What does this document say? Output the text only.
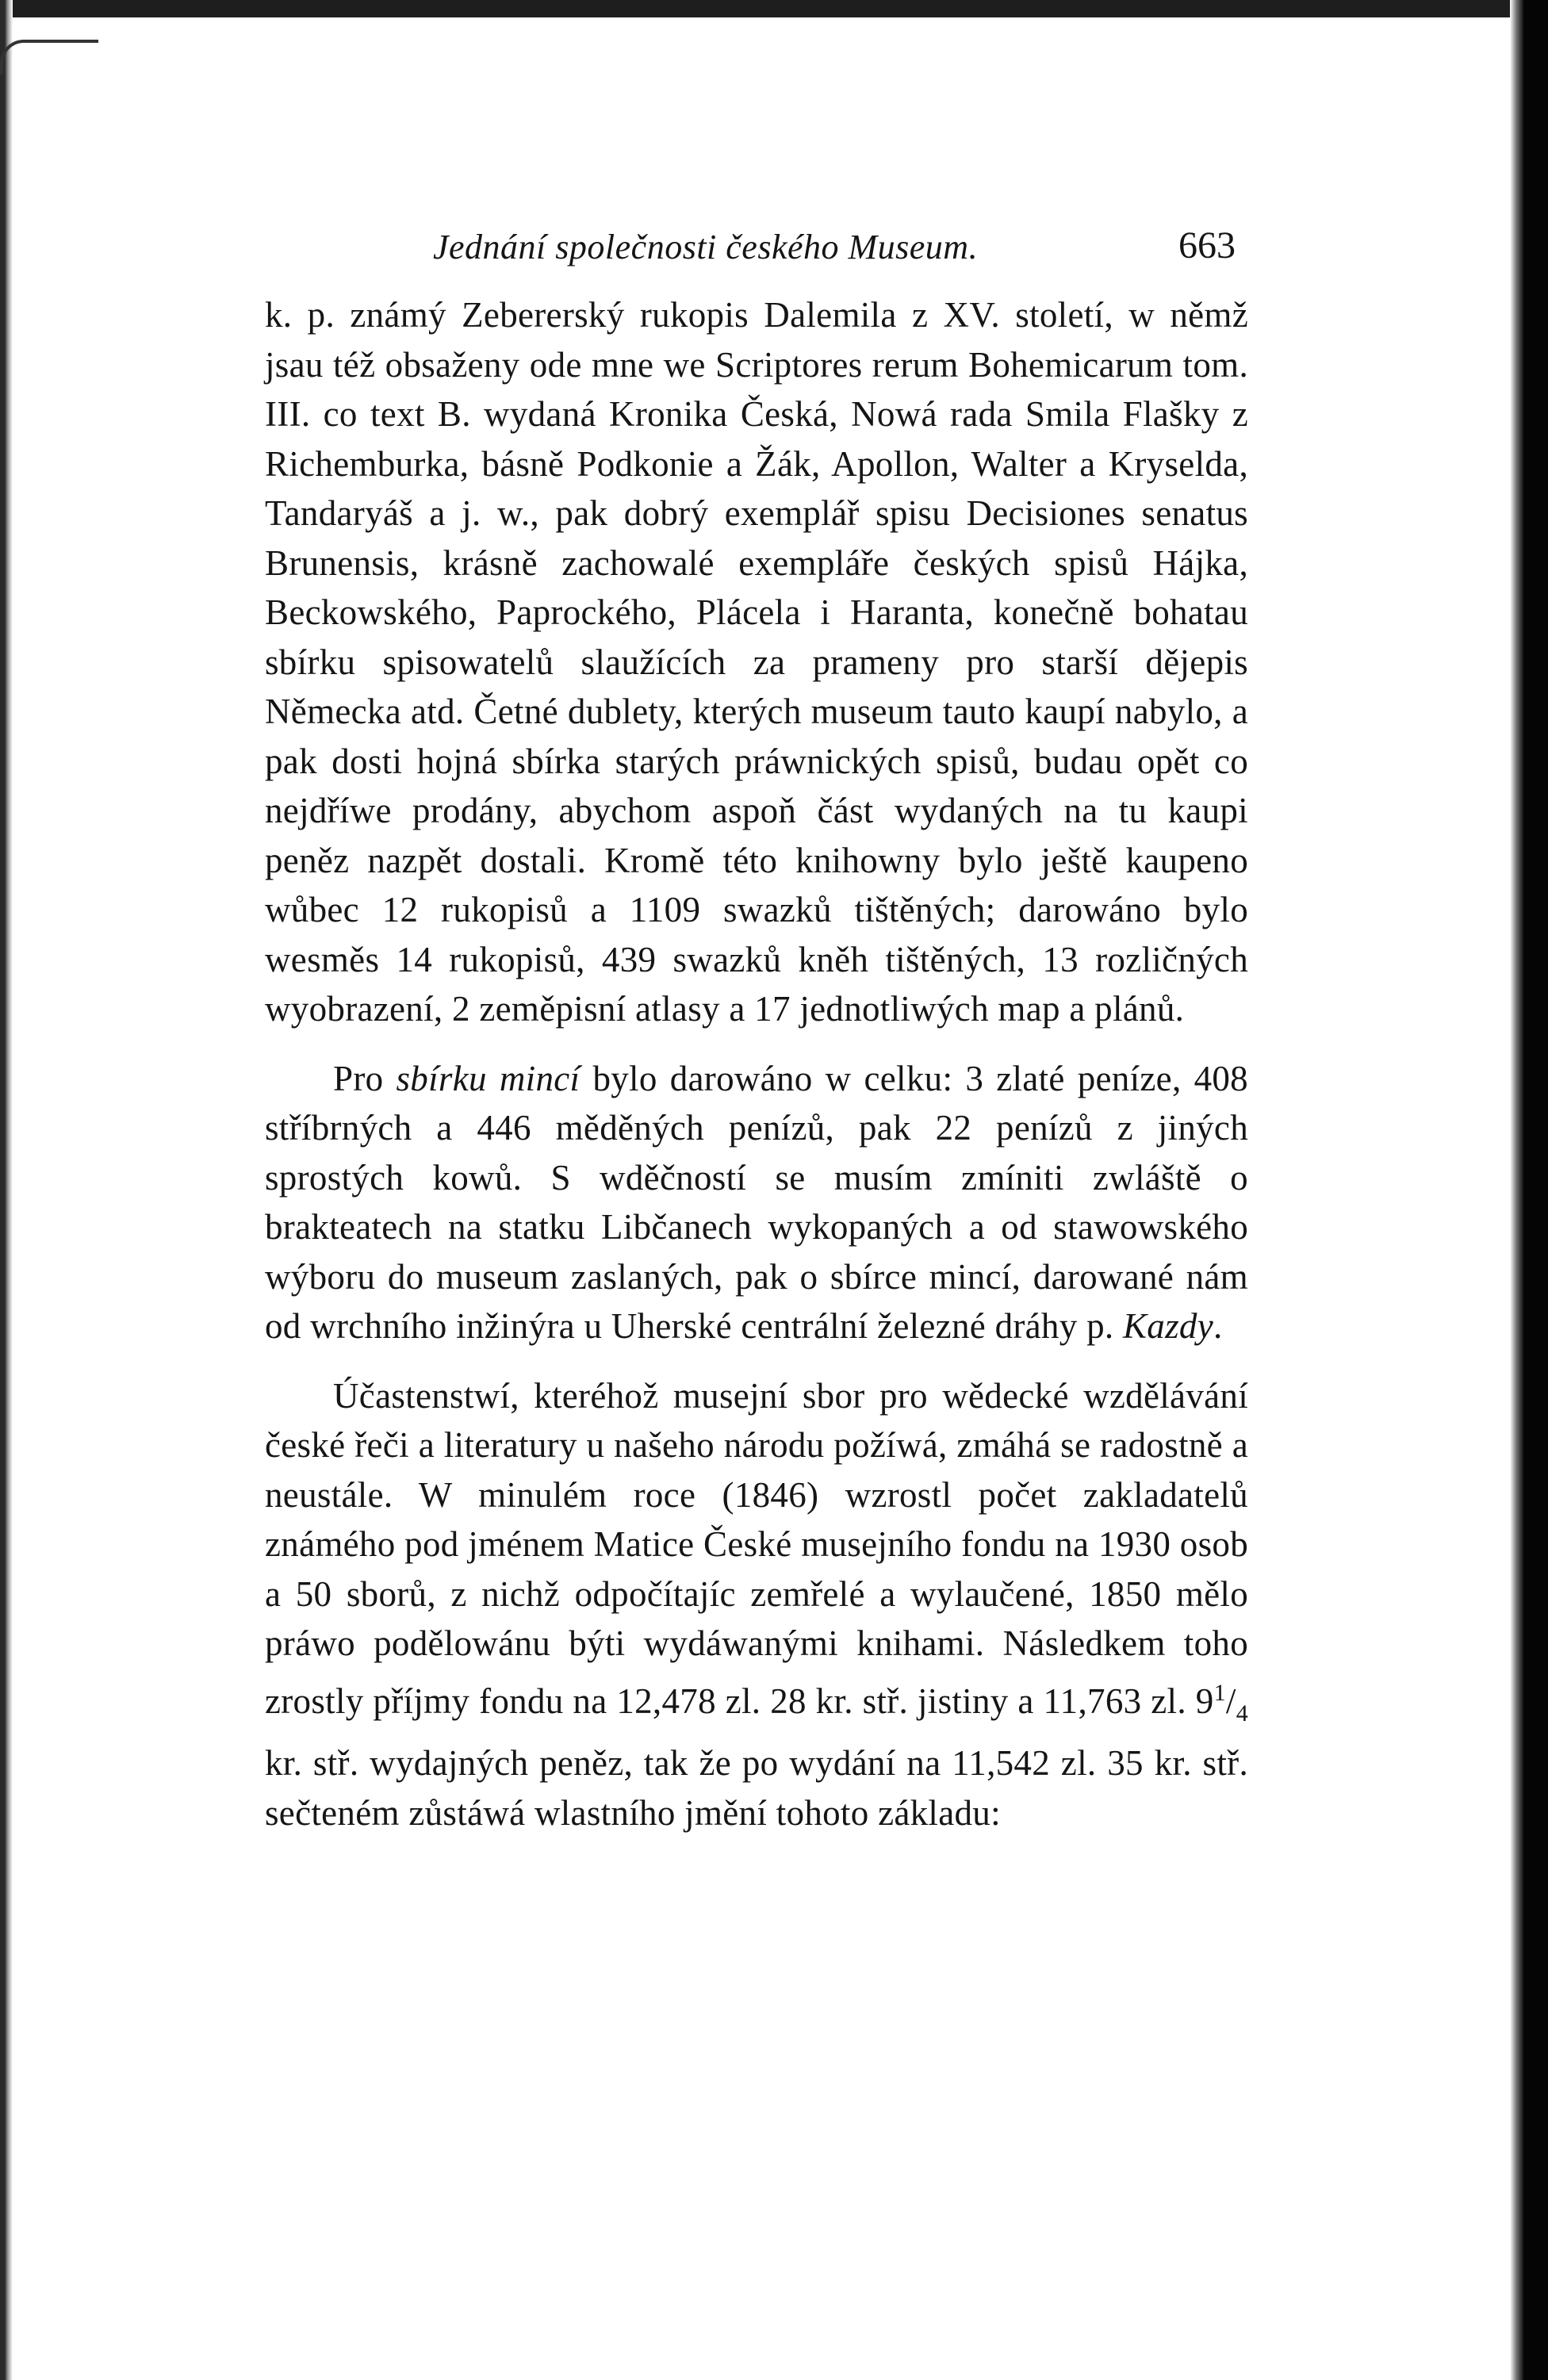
Jednání společnosti českého Museum.	663

k. p. známý Zebererský rukopis Dalemila z XV. století, w němž jsau též obsaženy ode mne we Scriptores rerum Bohemicarum tom. III. co text B. wydaná Kronika Česká, Nowá rada Smila Flašky z Richemburka, básně Podkonie a Žák, Apollon, Walter a Kryselda, Tandaryáš a j. w., pak dobrý exemplář spisu Decisiones senatus Brunensis, krásně zachowalé exempláře českých spisů Hájka, Beckowského, Paprockého, Plácela i Haranta, konečně bohatau sbírku spisowatelů slaužících za prameny pro starší dějepis Německa atd. Četné dublety, kterých museum tauto kaupí nabylo, a pak dosti hojná sbírka starých práwnických spisů, budau opět co nejdříwe prodány, abychom aspoň část wydaných na tu kaupi peněz nazpět dostali. Kromě této knihowny bylo ještě kaupeno wůbec 12 rukopisů a 1109 swazků tištěných; darowáno bylo wesměs 14 rukopisů, 439 swazků kněh tištěných, 13 rozličných wyobrazení, 2 zeměpisní atlasy a 17 jednotliwých map a plánů.

Pro sbírku mincí bylo darowáno w celku: 3 zlaté peníze, 408 stříbrných a 446 měděných penízů, pak 22 penízů z jiných sprostých kowů. S wděčností se musím zmíniti zwláště o brakteatech na statku Libčanech wykopaných a od stawowského wýboru do museum zaslaných, pak o sbírce mincí, darowané nám od wrchního inžinýra u Uherské centrální železné dráhy p. Kazdy.

Účastenstwí, kteréhož musejní sbor pro wědecké wzdělávání české řeči a literatury u našeho národu požíwá, zmáhá se radostně a neustále. W minulém roce (1846) wzrostl počet zakladatelů známého pod jménem Matice České musejního fondu na 1930 osob a 50 sborů, z nichž odpočítajíc zemřelé a wylaučené, 1850 mělo práwo podělowánu býti wydáwanými knihami. Následkem toho zrostly příjmy fondu na 12,478 zl. 28 kr. stř. jistiny a 11,763 zl. $9^1/_4$ kr. stř. wydajných peněz, tak že po wydání na 11,542 zl. 35 kr. stř. sečteném zůstáwá wlastního jmění tohoto základu:
